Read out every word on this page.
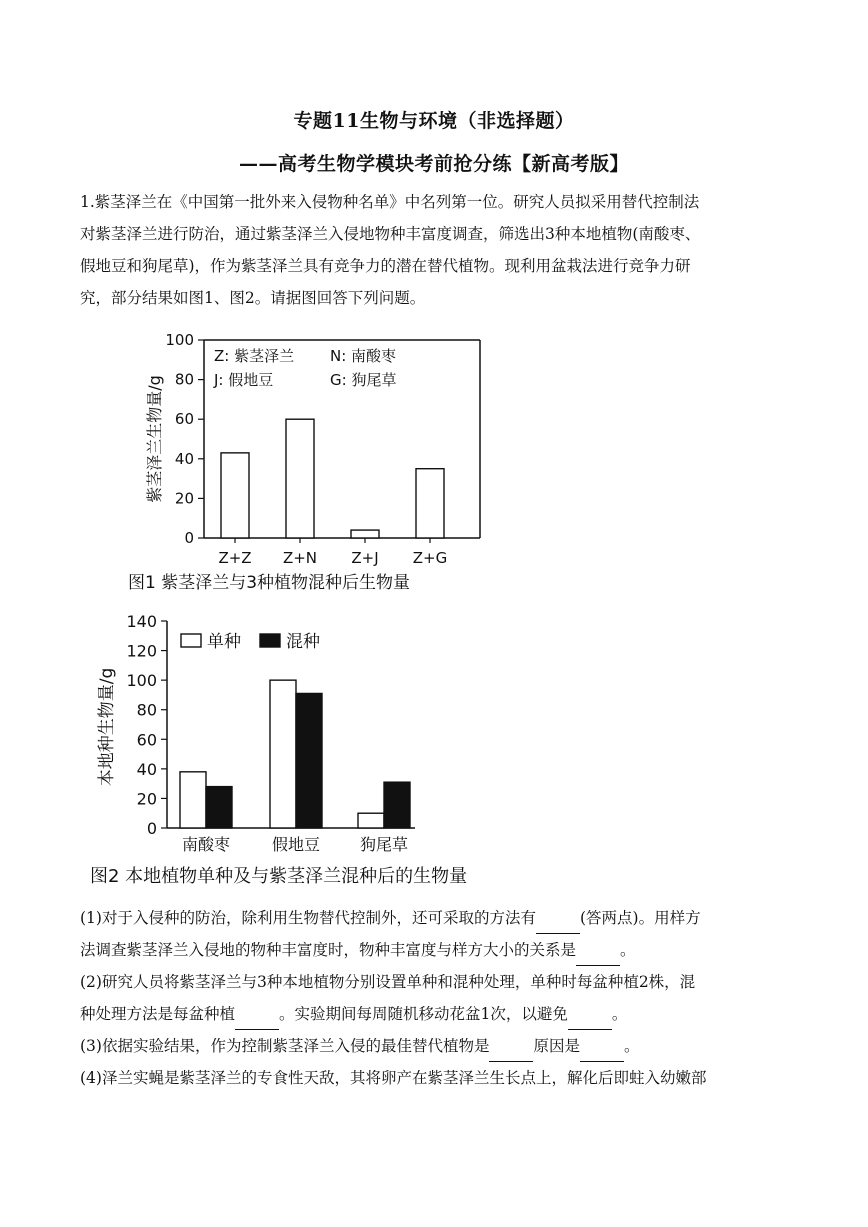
专题11生物与环境（非选择题）
——高考生物学模块考前抢分练【新高考版】

1.紫茎泽兰在《中国第一批外来入侵物种名单》中名列第一位。研究人员拟采用替代控制法

对紫茎泽兰进行防治，通过紫茎泽兰入侵地物种丰富度调查，筛选出3种本地植物(南酸枣、

假地豆和狗尾草)，作为紫茎泽兰具有竞争力的潜在替代植物。现利用盆栽法进行竞争力研

究，部分结果如图1、图2。请据图回答下列问题。

0
20
40
60
80
100
Z+Z Z+N Z+J Z+G
Z: 紫茎泽兰 N: 南酸枣
J: 假地豆	G: 狗尾草
紫茎泽兰生物量/g
图1 紫茎泽兰与3种植物混种后生物量
0
20
40
60
80
100
120
140
南酸枣	假地豆 狗尾草
单种	混种
本地种生物量/g
图2 本地植物单种及与紫茎泽兰混种后的生物量

(1)对于入侵种的防治，除利用生物替代控制外，还可采取的方法有	(答两点)。用样方

法调查紫茎泽兰入侵地的物种丰富度时，物种丰富度与样方大小的关系是	。

(2)研究人员将紫茎泽兰与3种本地植物分别设置单种和混种处理，单种时每盆种植2株，混

种处理方法是每盆种植	。实验期间每周随机移动花盆1次，以避免	。

(3)依据实验结果，作为控制紫茎泽兰入侵的最佳替代植物是	原因是	。

(4)泽兰实蝇是紫茎泽兰的专食性天敌，其将卵产在紫茎泽兰生长点上，解化后即蛀入幼嫩部
